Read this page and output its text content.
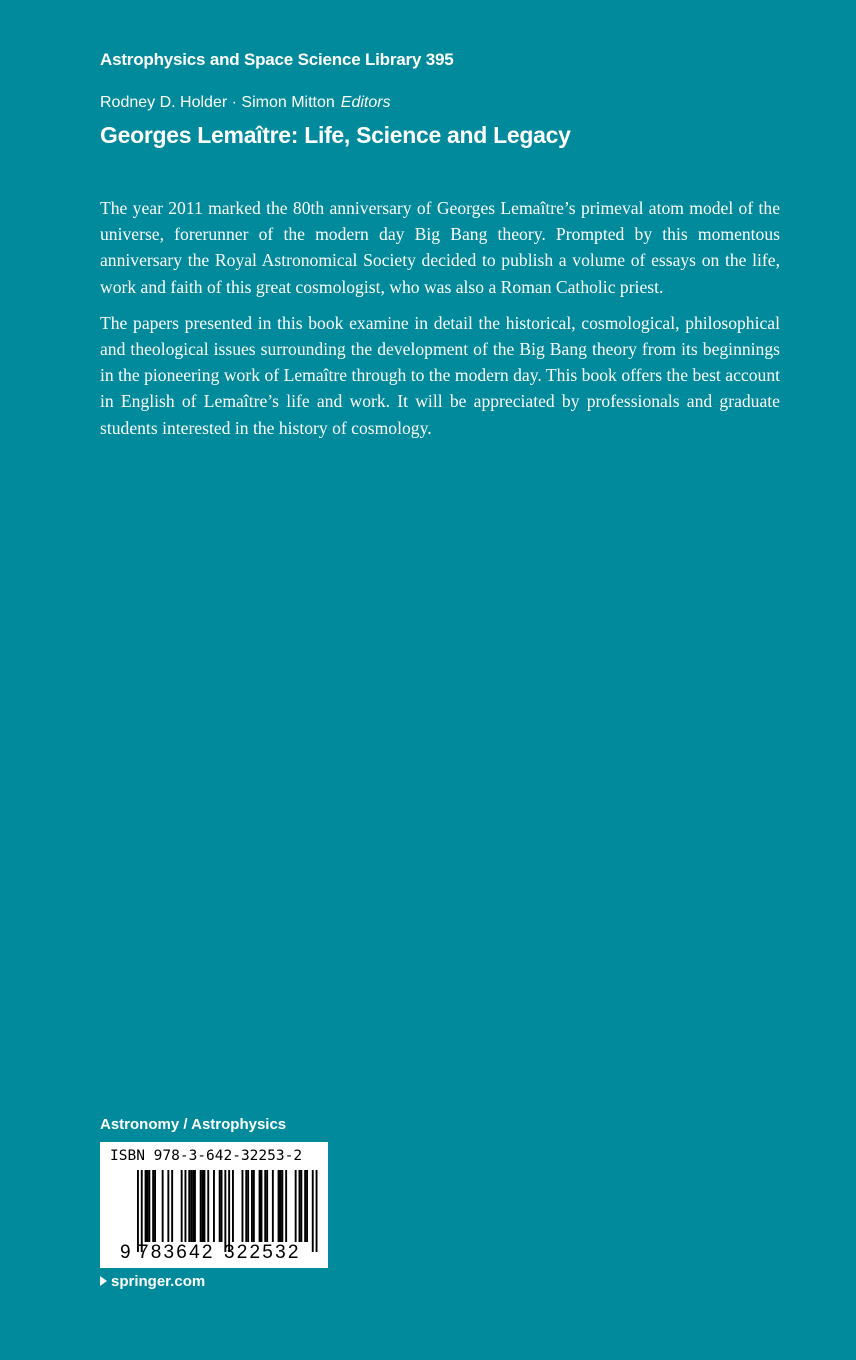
Astrophysics and Space Science Library 395
Rodney D. Holder · Simon Mitton Editors
Georges Lemaître: Life, Science and Legacy

The year 2011 marked the 80th anniversary of Georges Lemaître’s primeval atom model of the universe, forerunner of the modern day Big Bang theory. Prompted by this momentous anniversary the Royal Astronomical Society decided to publish a volume of essays on the life, work and faith of this great cosmologist, who was also a Roman Catholic priest.

The papers presented in this book examine in detail the historical, cosmological, philosophical and theological issues surrounding the development of the Big Bang theory from its beginnings in the pioneering work of Lemaître through to the modern day. This book offers the best account in English of Lemaître’s life and work. It will be appreciated by professionals and graduate students interested in the history of cosmology.

Astronomy / Astrophysics
ISBN 978-3-642-32253-2
9 783642 322532
springer.com
